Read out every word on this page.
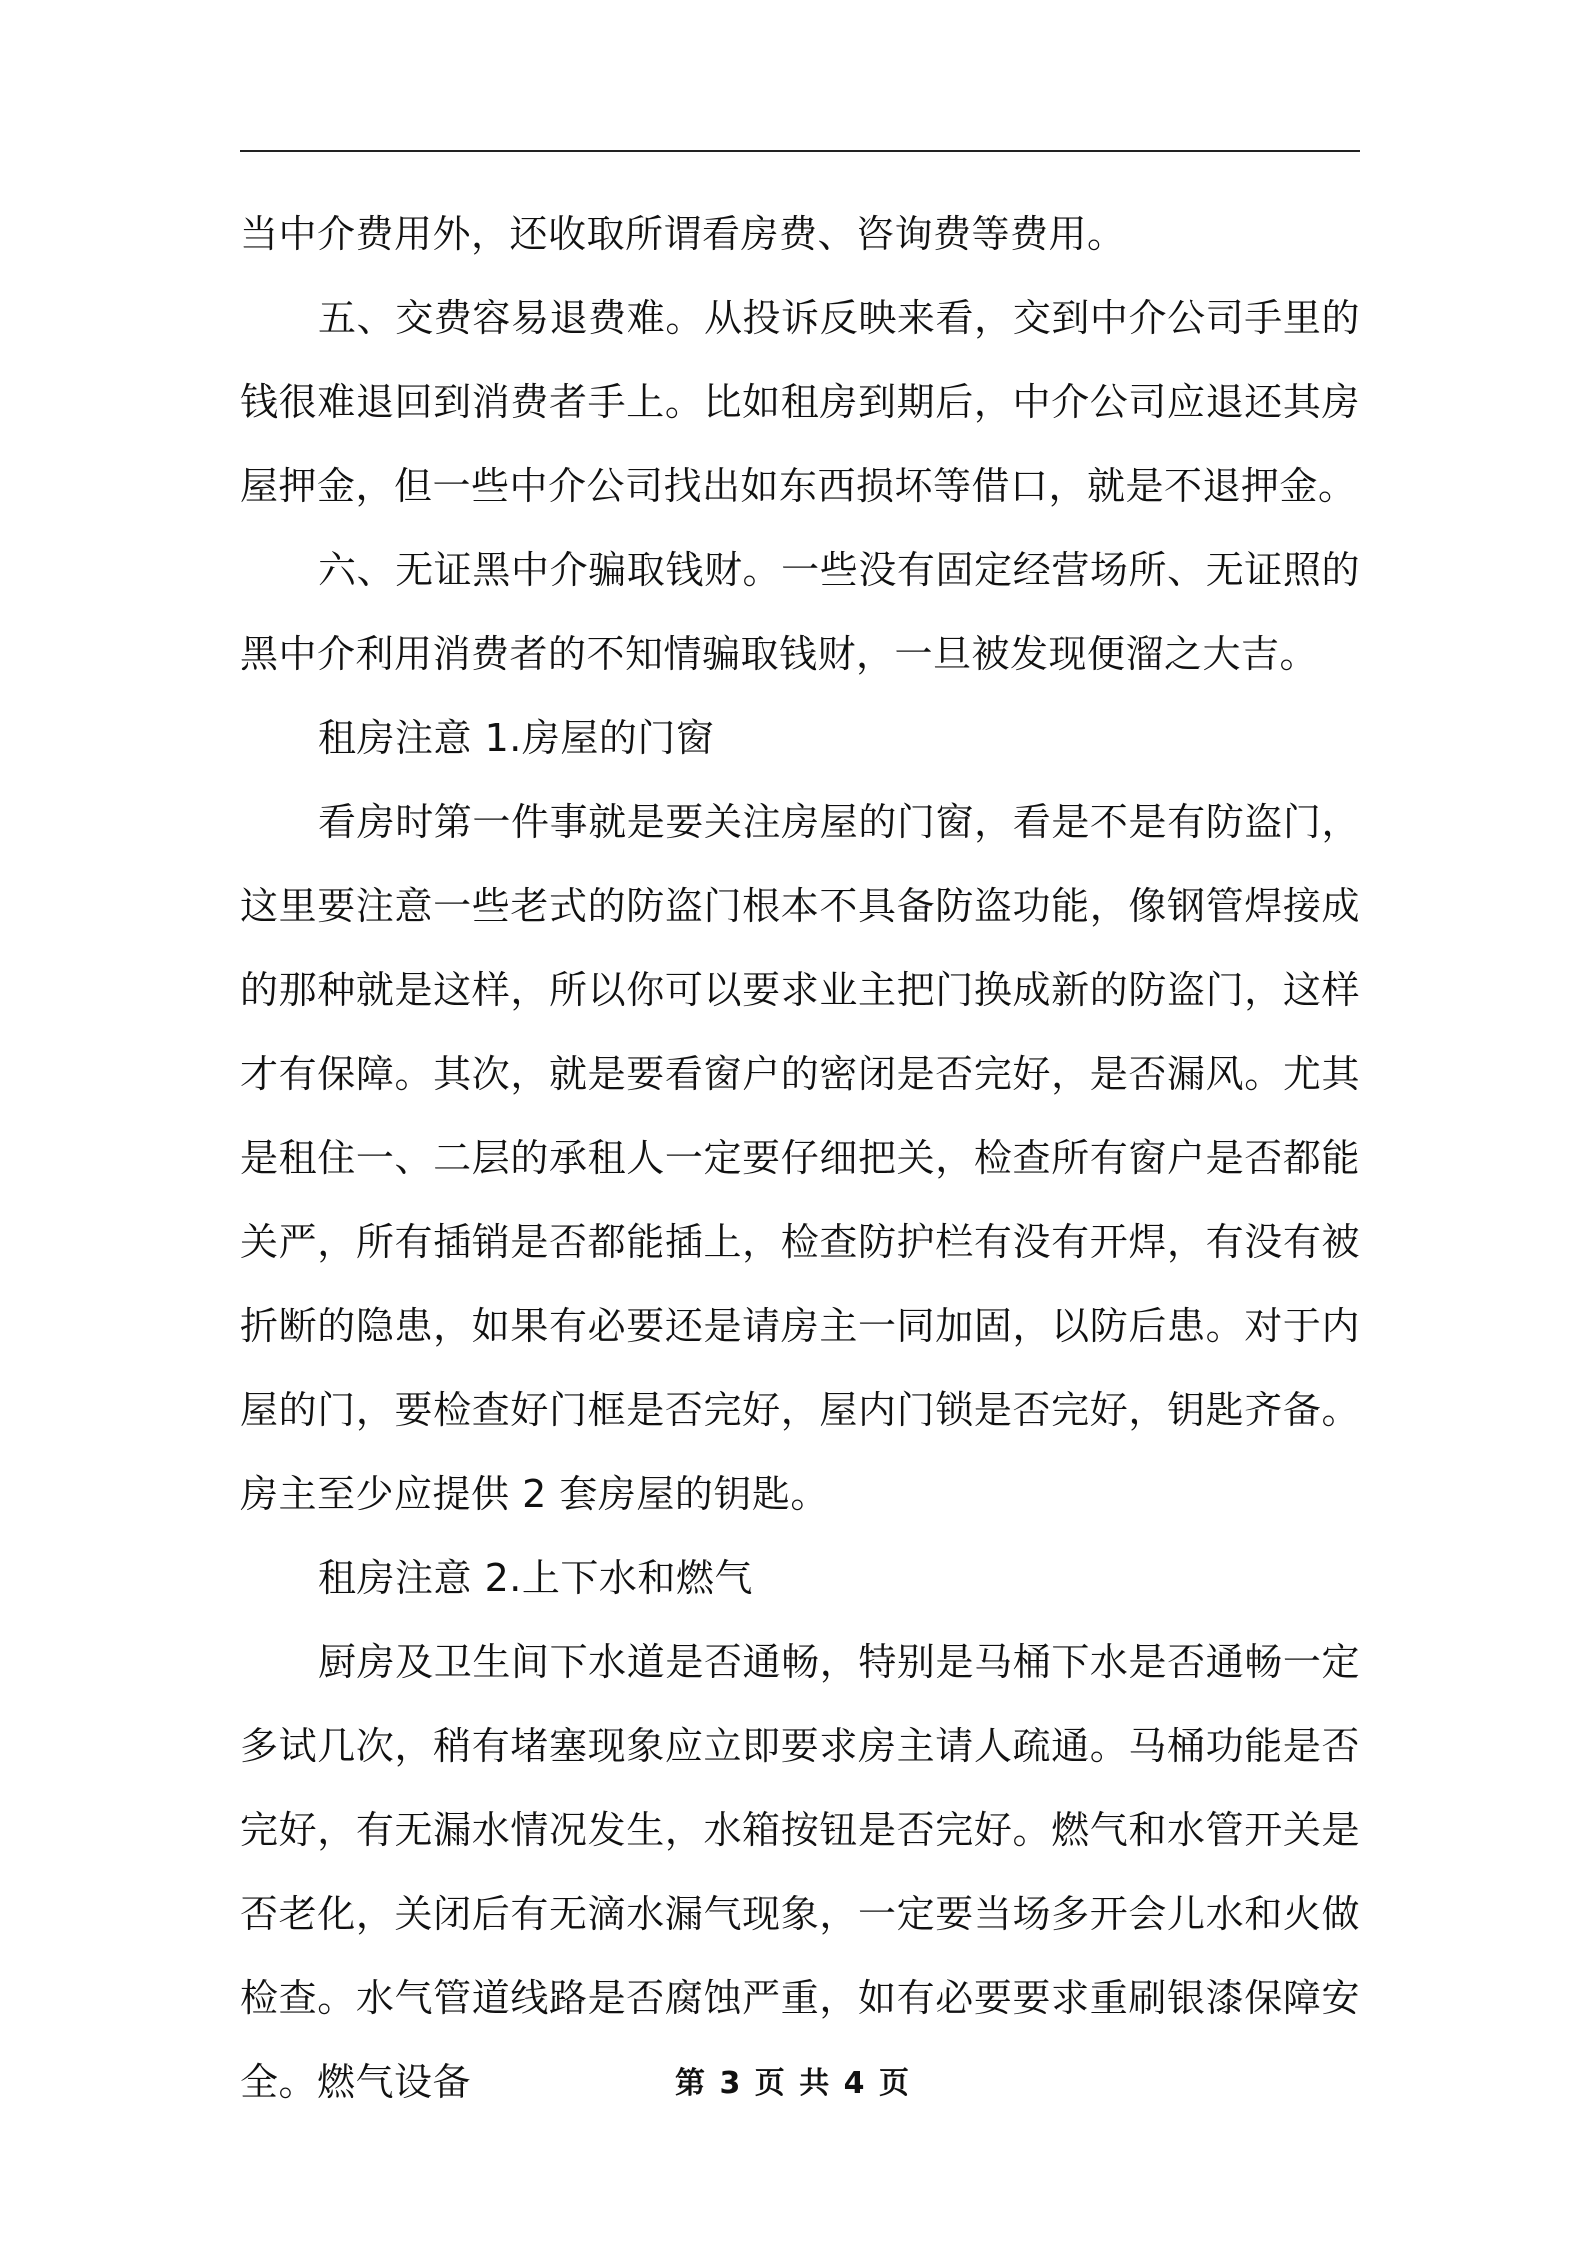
当中介费用外，还收取所谓看房费、咨询费等费用。

五、交费容易退费难。从投诉反映来看，交到中介公司手里的钱很难退回到消费者手上。比如租房到期后，中介公司应退还其房屋押金，但一些中介公司找出如东西损坏等借口，就是不退押金。

六、无证黑中介骗取钱财。一些没有固定经营场所、无证照的黑中介利用消费者的不知情骗取钱财，一旦被发现便溜之大吉。

租房注意 1.房屋的门窗

看房时第一件事就是要关注房屋的门窗，看是不是有防盗门，这里要注意一些老式的防盗门根本不具备防盗功能，像钢管焊接成的那种就是这样，所以你可以要求业主把门换成新的防盗门，这样才有保障。其次，就是要看窗户的密闭是否完好，是否漏风。尤其是租住一、二层的承租人一定要仔细把关，检查所有窗户是否都能关严，所有插销是否都能插上，检查防护栏有没有开焊，有没有被折断的隐患，如果有必要还是请房主一同加固，以防后患。对于内屋的门，要检查好门框是否完好，屋内门锁是否完好，钥匙齐备。房主至少应提供 2 套房屋的钥匙。

租房注意 2.上下水和燃气

厨房及卫生间下水道是否通畅，特别是马桶下水是否通畅一定多试几次，稍有堵塞现象应立即要求房主请人疏通。马桶功能是否完好，有无漏水情况发生，水箱按钮是否完好。燃气和水管开关是否老化，关闭后有无滴水漏气现象，一定要当场多开会儿水和火做检查。水气管道线路是否腐蚀严重，如有必要要求重刷银漆保障安全。燃气设备	第 3 页 共 4 页
